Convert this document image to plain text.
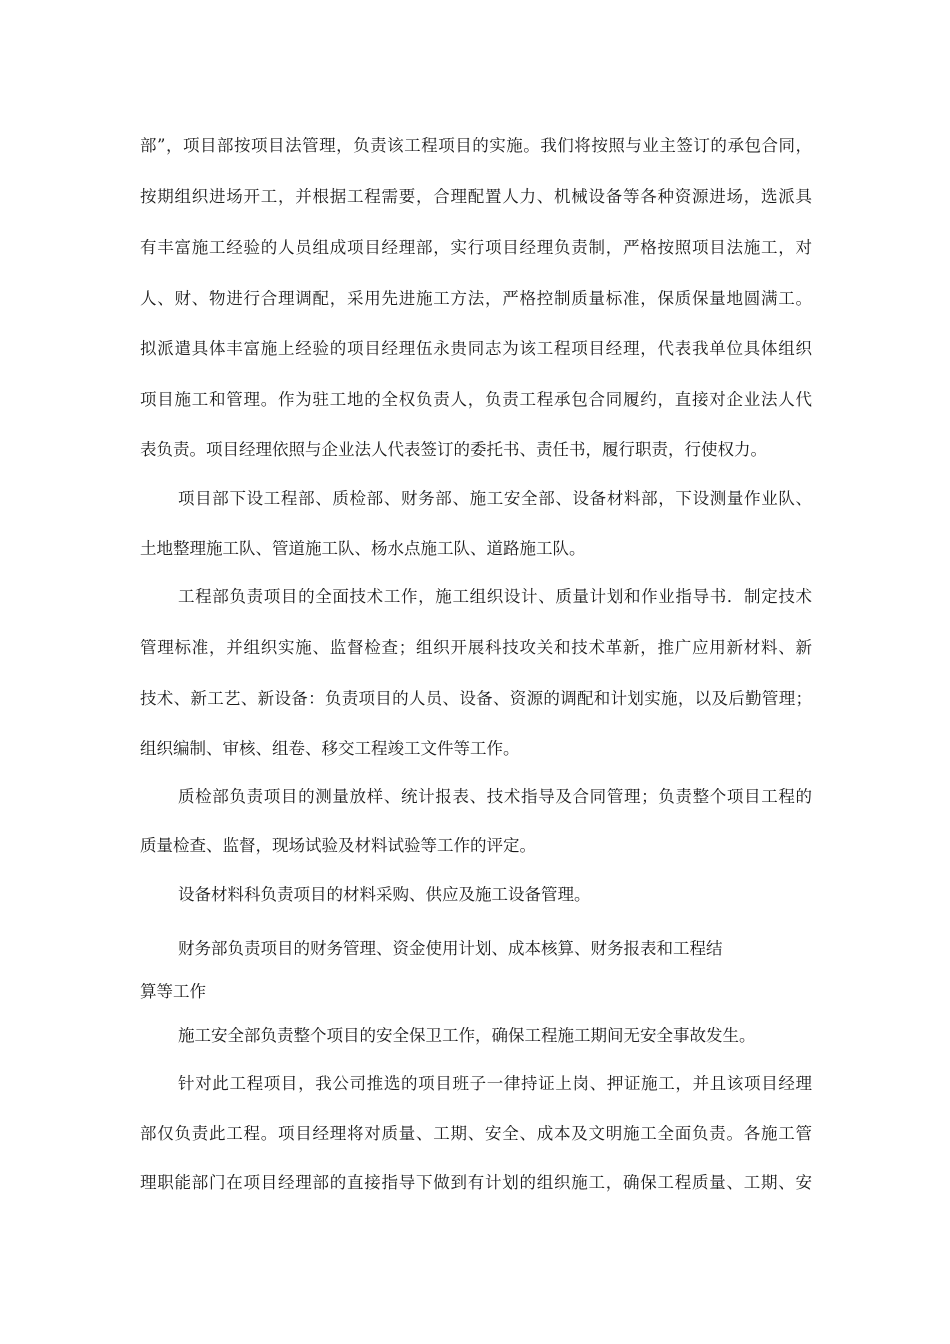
部”，项目部按项目法管理，负责该工程项目的实施。我们将按照与业主签订的承包合同，
按期组织进场开工，并根据工程需要，合理配置人力、机械设备等各种资源进场，选派具
有丰富施工经验的人员组成项目经理部，实行项目经理负责制，严格按照项目法施工，对
人、财、物进行合理调配，采用先进施工方法，严格控制质量标准，保质保量地圆满工。
拟派遣具体丰富施上经验的项目经理伍永贵同志为该工程项目经理，代表我单位具体组织
项目施工和管理。作为驻工地的全权负责人，负责工程承包合同履约，直接对企业法人代
表负责。项目经理依照与企业法人代表签订的委托书、责任书，履行职责，行使权力。
项目部下设工程部、质检部、财务部、施工安全部、设备材料部，下设测量作业队、
土地整理施工队、管道施工队、杨水点施工队、道路施工队。
工程部负责项目的全面技术工作，施工组织设计、质量计划和作业指导书．制定技术
管理标准，并组织实施、监督检查；组织开展科技攻关和技术革新，推广应用新材料、新
技术、新工艺、新设备：负责项目的人员、设备、资源的调配和计划实施，以及后勤管理；
组织编制、审核、组卷、移交工程竣工文件等工作。
质检部负责项目的测量放样、统计报表、技术指导及合同管理；负责整个项目工程的
质量检查、监督，现场试验及材料试验等工作的评定。
设备材料科负责项目的材料采购、供应及施工设备管理。
财务部负责项目的财务管理、资金使用计划、成本核算、财务报表和工程结
算等工作
施工安全部负责整个项目的安全保卫工作，确保工程施工期间无安全事故发生。
针对此工程项目，我公司推选的项目班子一律持证上岗、押证施工，并且该项目经理
部仅负责此工程。项目经理将对质量、工期、安全、成本及文明施工全面负责。各施工管
理职能部门在项目经理部的直接指导下做到有计划的组织施工，确保工程质量、工期、安
